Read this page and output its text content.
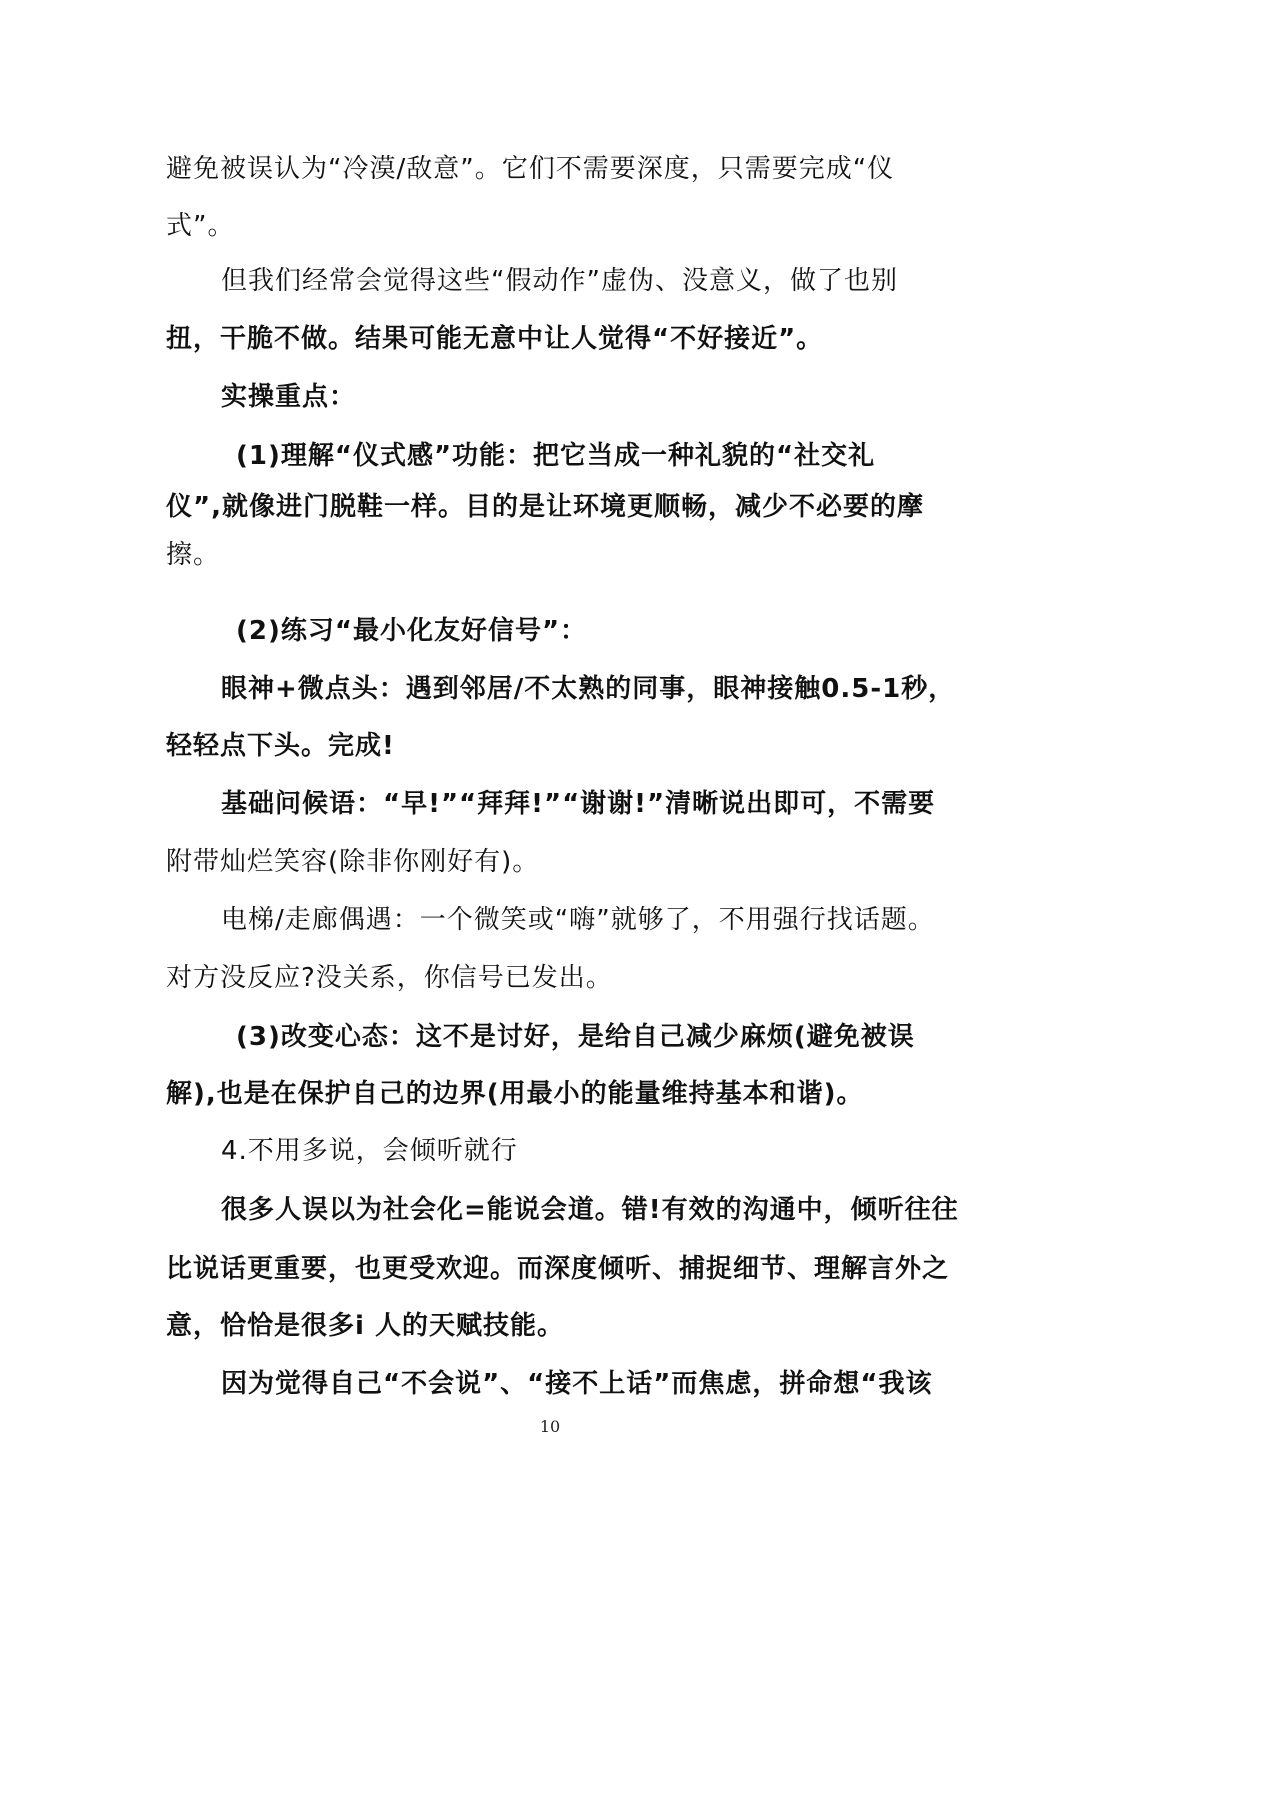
避免被误认为“冷漠/敌意”。它们不需要深度，只需要完成“仪
式”。
但我们经常会觉得这些“假动作”虚伪、没意义，做了也别
扭，干脆不做。结果可能无意中让人觉得“不好接近”。
实操重点：
(1)理解“仪式感”功能：把它当成一种礼貌的“社交礼
仪”,就像进门脱鞋一样。目的是让环境更顺畅，减少不必要的摩
擦。
(2)练习“最小化友好信号”：
眼神+微点头：遇到邻居/不太熟的同事，眼神接触0.5-1秒，
轻轻点下头。完成!
基础问候语：“早!”“拜拜!”“谢谢!”清晰说出即可，不需要
附带灿烂笑容(除非你刚好有)。
电梯/走廊偶遇：一个微笑或“嗨”就够了，不用强行找话题。
对方没反应?没关系，你信号已发出。
(3)改变心态：这不是讨好，是给自己减少麻烦(避免被误
解),也是在保护自己的边界(用最小的能量维持基本和谐)。
4.不用多说，会倾听就行
很多人误以为社会化=能说会道。错!有效的沟通中，倾听往往
比说话更重要，也更受欢迎。而深度倾听、捕捉细节、理解言外之
意，恰恰是很多i 人的天赋技能。
因为觉得自己“不会说”、“接不上话”而焦虑，拼命想“我该
10
